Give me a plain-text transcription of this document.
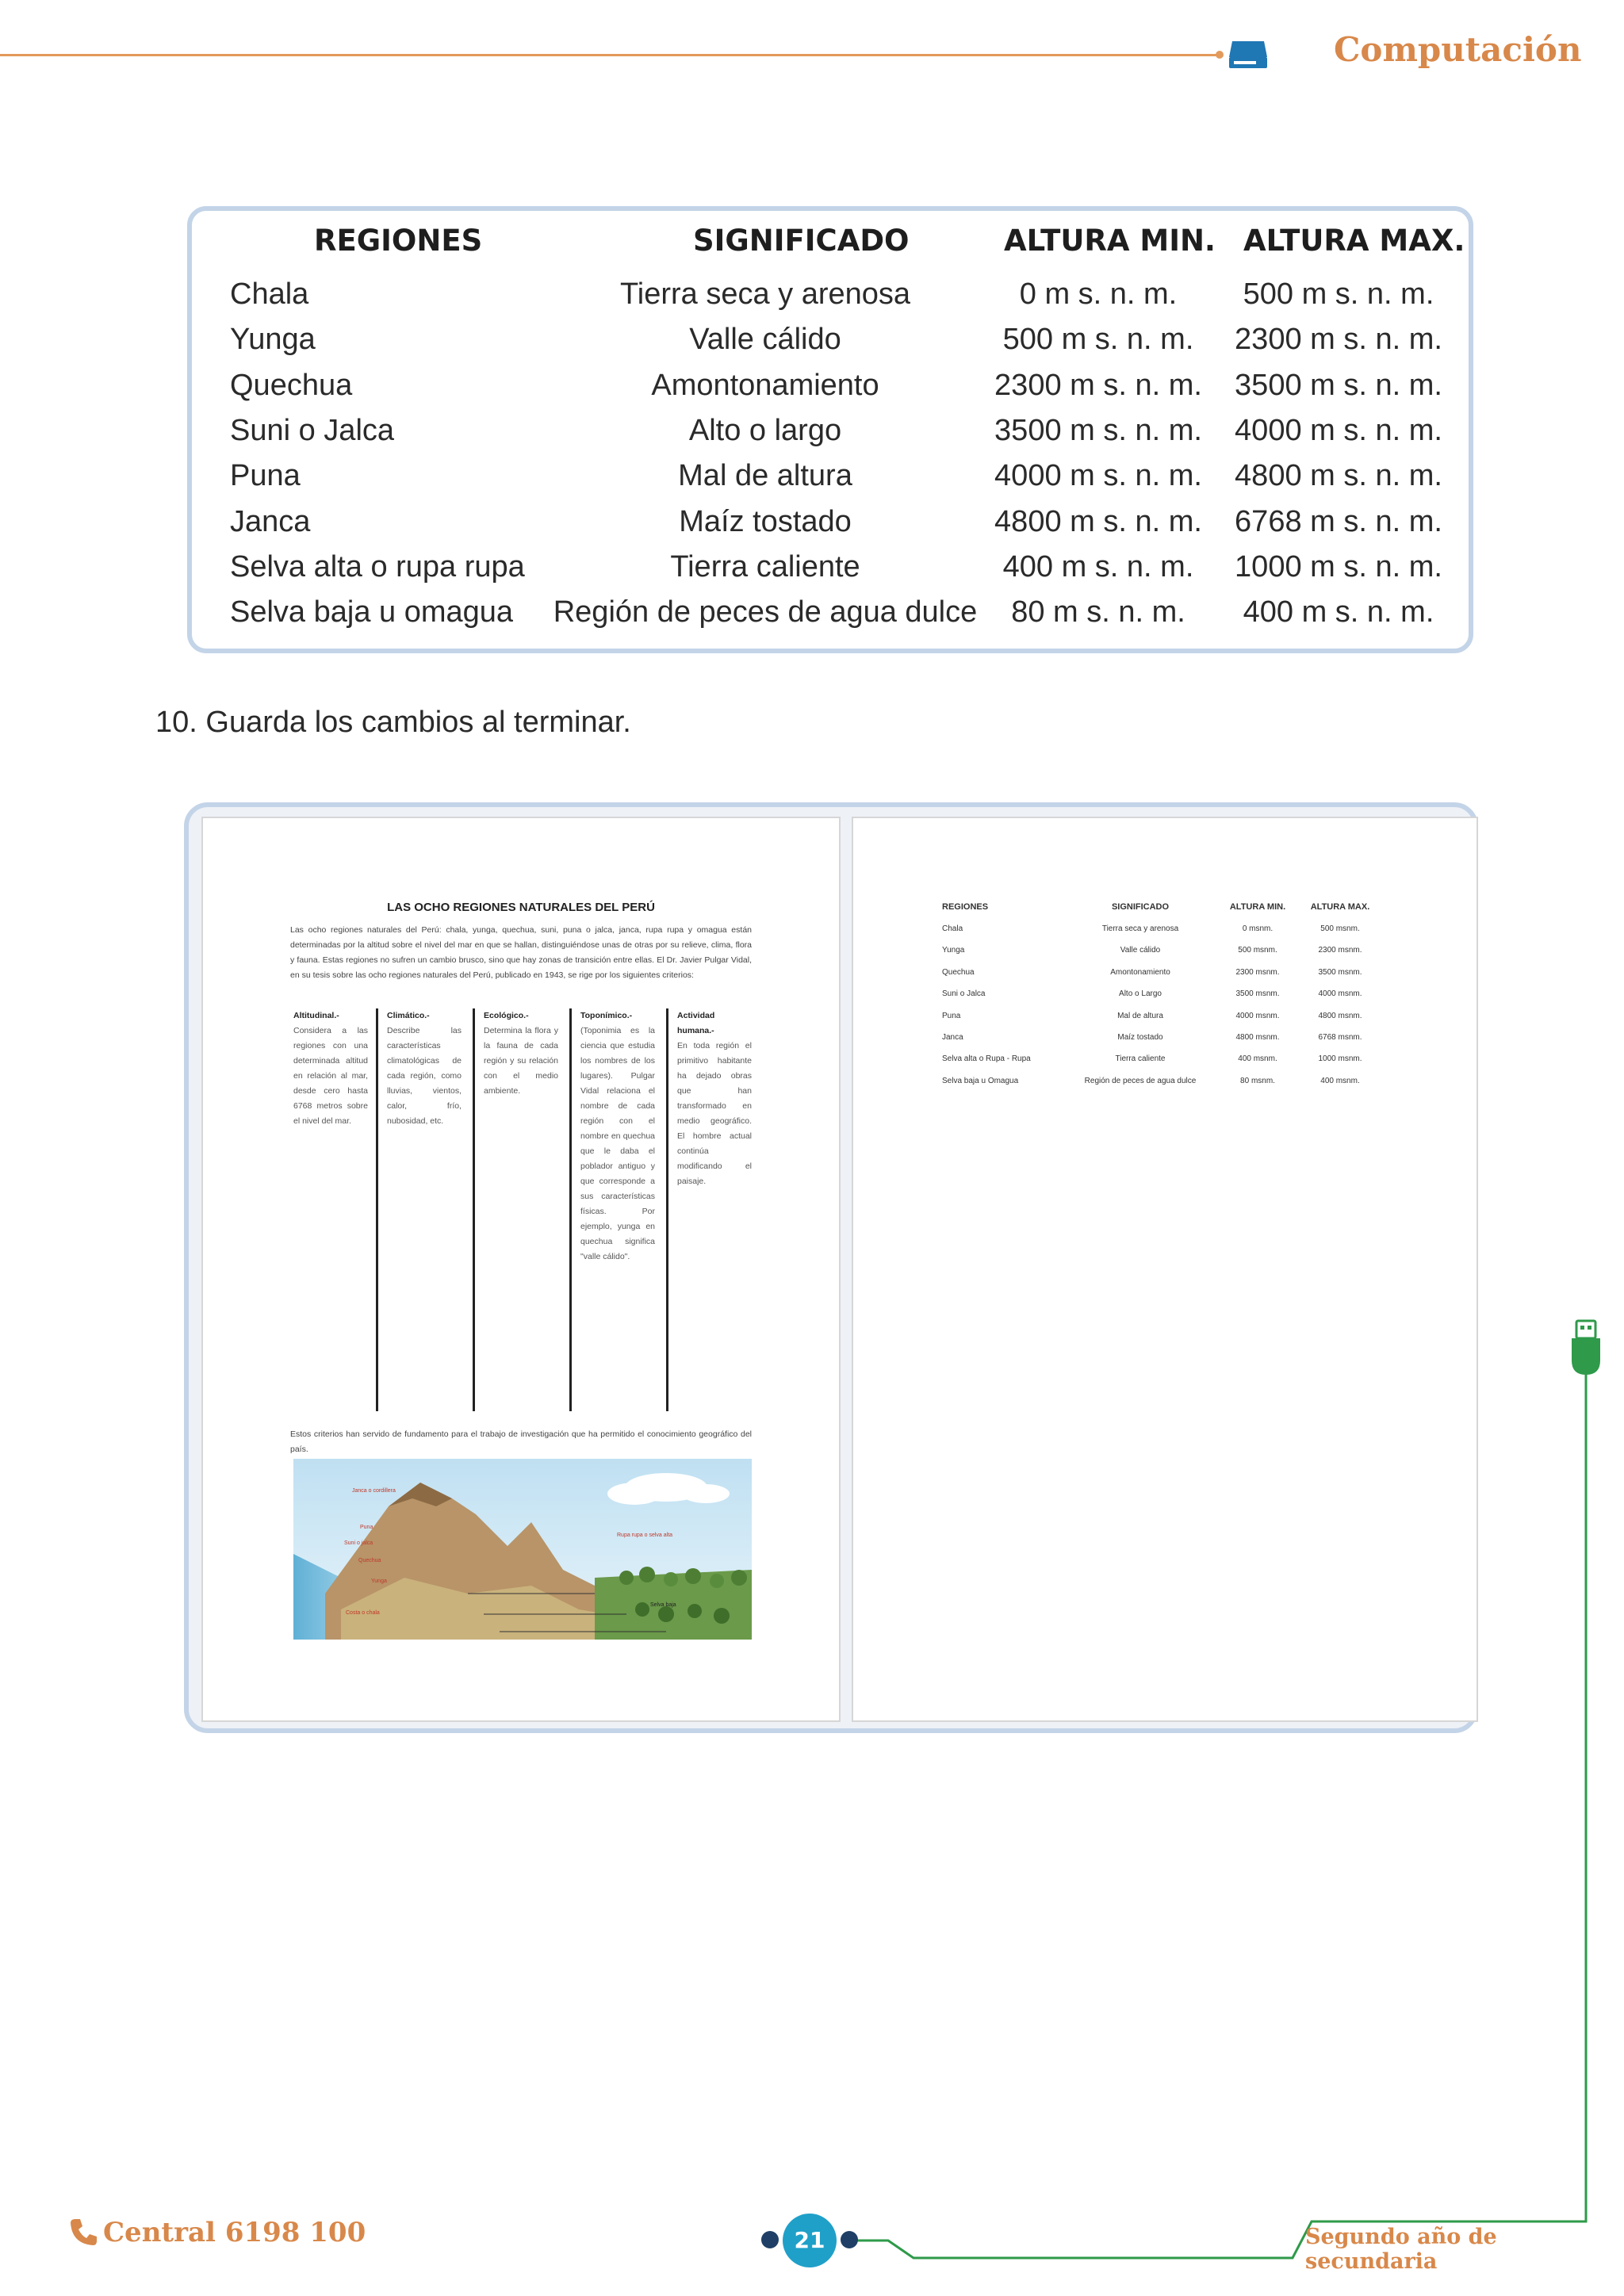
Computación
REGIONES	SIGNIFICADO	ALTURA MIN. ALTURA MAX.
Chala	Tierra seca y arenosa	0 m s. n. m.	500 m s. n. m.
Yunga	Valle cálido	500 m s. n. m.	2300 m s. n. m.
Quechua	Amontonamiento	2300 m s. n. m.	3500 m s. n. m.
Suni o Jalca	Alto o largo	3500 m s. n. m.	4000 m s. n. m.
Puna	Mal de altura	4000 m s. n. m.	4800 m s. n. m.
Janca	Maíz tostado	4800 m s. n. m.	6768 m s. n. m.
Selva alta o rupa rupa	Tierra caliente	400 m s. n. m.	1000 m s. n. m.
Selva baja u omagua	Región de peces de agua dulce	80 m s. n. m.	400 m s. n. m.
10. Guarda los cambios al terminar.
LAS OCHO REGIONES NATURALES DEL PERÚ
Las ocho regiones naturales del Perú: chala, yunga, quechua, suni, puna o jalca, janca, rupa rupa y omagua están determinadas por la altitud sobre el nivel del mar en que se hallan, distinguiéndose unas de otras por su relieve, clima, flora y fauna. Estas regiones no sufren un cambio brusco, sino que hay zonas de transición entre ellas. El Dr. Javier Pulgar Vidal, en su tesis sobre las ocho regiones naturales del Perú, publicado en 1943, se rige por los siguientes criterios:
Altitudinal.-
Considera a las regiones con una determinada altitud en relación al mar, desde cero hasta 6768 metros sobre el nivel del mar.
Climático.-
Describe las características climatológicas de cada región, como lluvias, vientos, calor, frío, nubosidad, etc.
Ecológico.-
Determina la flora y la fauna de cada región y su relación con el medio ambiente.
Toponímico.-
(Toponimia es la ciencia que estudia los nombres de los lugares). Pulgar Vidal relaciona el nombre de cada región con el nombre en quechua que le daba el poblador antiguo y que corresponde a sus características físicas. Por ejemplo, yunga en quechua significa "valle cálido".
Actividad humana.-
En toda región el primitivo habitante ha dejado obras que han transformado en medio geográfico. El hombre actual continúa modificando el paisaje.
Estos criterios han servido de fundamento para el trabajo de investigación que ha permitido el conocimiento geográfico del país.
Janca o cordillera
Puna
Suni o jalca
Quechua
Yunga
Costa o chala
Rupa rupa o selva alta
Selva baja
REGIONES	SIGNIFICADO	ALTURA MIN.	ALTURA MAX.
Chala	Tierra seca y arenosa	0 msnm.	500 msnm.
Yunga	Valle cálido	500 msnm.	2300 msnm.
Quechua	Amontonamiento	2300 msnm.	3500 msnm.
Suni o Jalca	Alto o Largo	3500 msnm.	4000 msnm.
Puna	Mal de altura	4000 msnm.	4800 msnm.
Janca	Maíz tostado	4800 msnm.	6768 msnm.
Selva alta o Rupa - Rupa	Tierra caliente	400 msnm.	1000 msnm.
Selva baja u Omagua	Región de peces de agua dulce	80 msnm.	400 msnm.
Central 6198 100	21	Segundo año de secundaria
